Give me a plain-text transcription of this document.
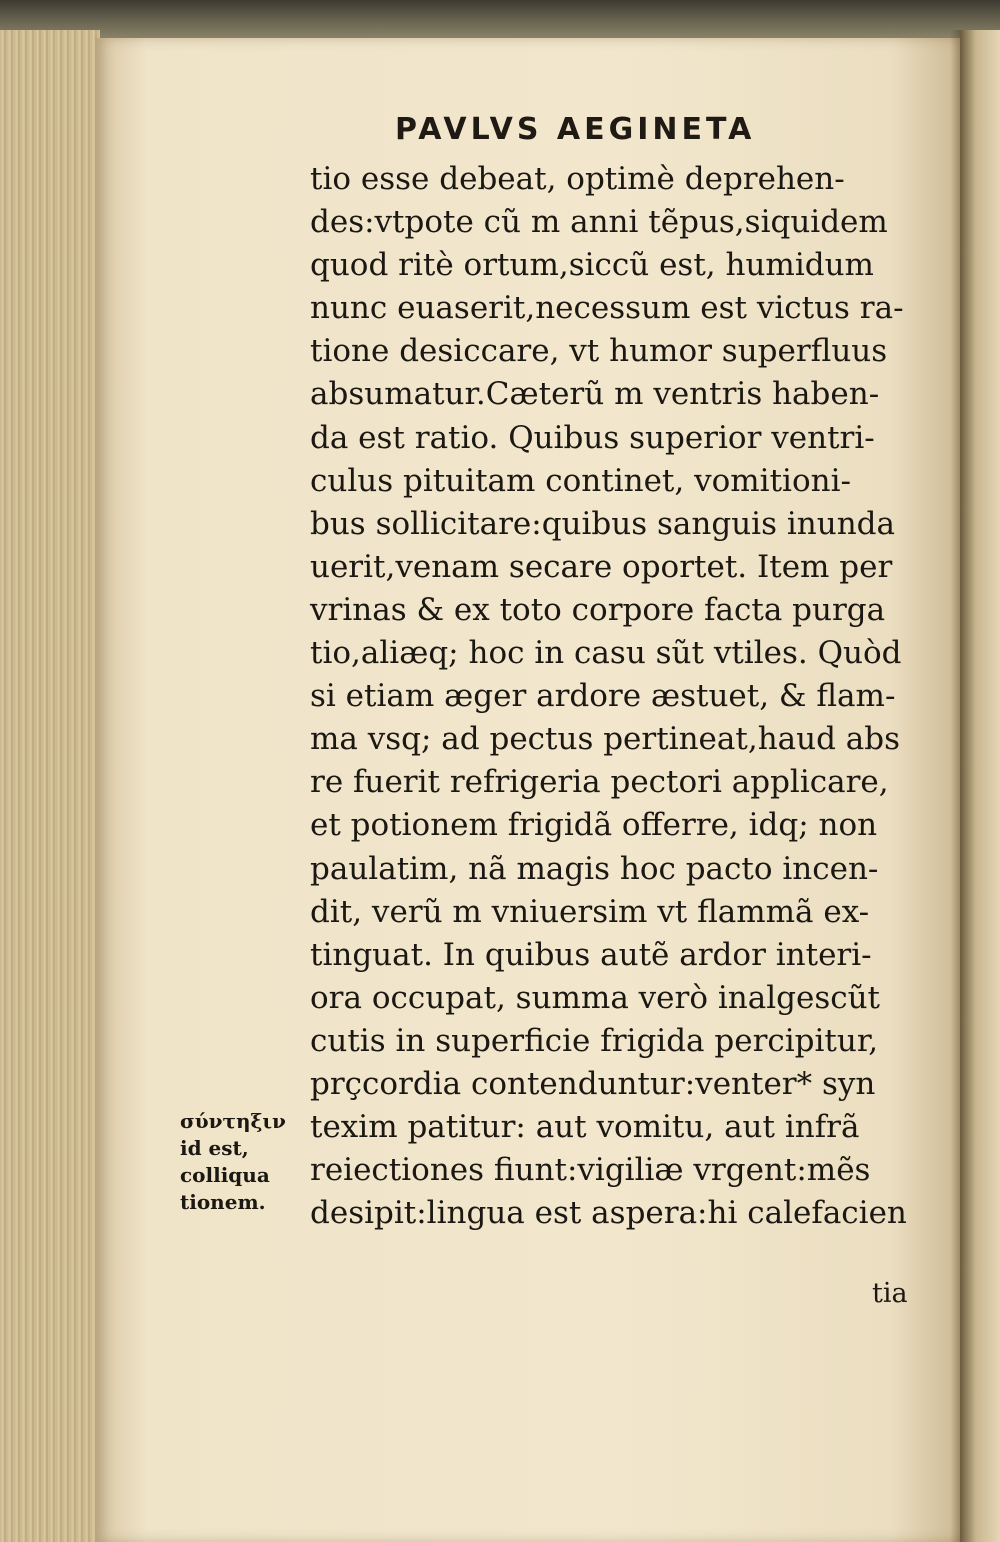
PAVLVS AEGINETA
tio esse debeat, optimè deprehen-
des:vtpote cũ m anni tẽpus,siquidem
quod ritè ortum,siccũ est, humidum
nunc euaserit,necessum est victus ra-
tione desiccare, vt humor superfluus
absumatur.Cæterũ m ventris haben-
da est ratio. Quibus superior ventri-
culus pituitam continet, vomitioni-
bus sollicitare:quibus sanguis inunda
uerit,venam secare oportet. Item per
vrinas & ex toto corpore facta purga
tio,aliæq; hoc in casu sũt vtiles. Quòd
si etiam æger ardore æstuet, & flam-
ma vsq; ad pectus pertineat,haud abs
re fuerit refrigeria pectori applicare,
et potionem frigidã offerre, idq; non
paulatim, nã magis hoc pacto incen-
dit, verũ m vniuersim vt flammã ex-
tinguat. In quibus autẽ ardor interi-
ora occupat, summa verò inalgescũt
cutis in superficie frigida percipitur,
prçcordia contenduntur:venter* syn
texim patitur: aut vomitu, aut infrã
reiectiones fiunt:vigiliæ vrgent:mẽs
desipit:lingua est aspera:hi calefacien
tia
σύντηξιν
id est,
colliqua
tionem.
